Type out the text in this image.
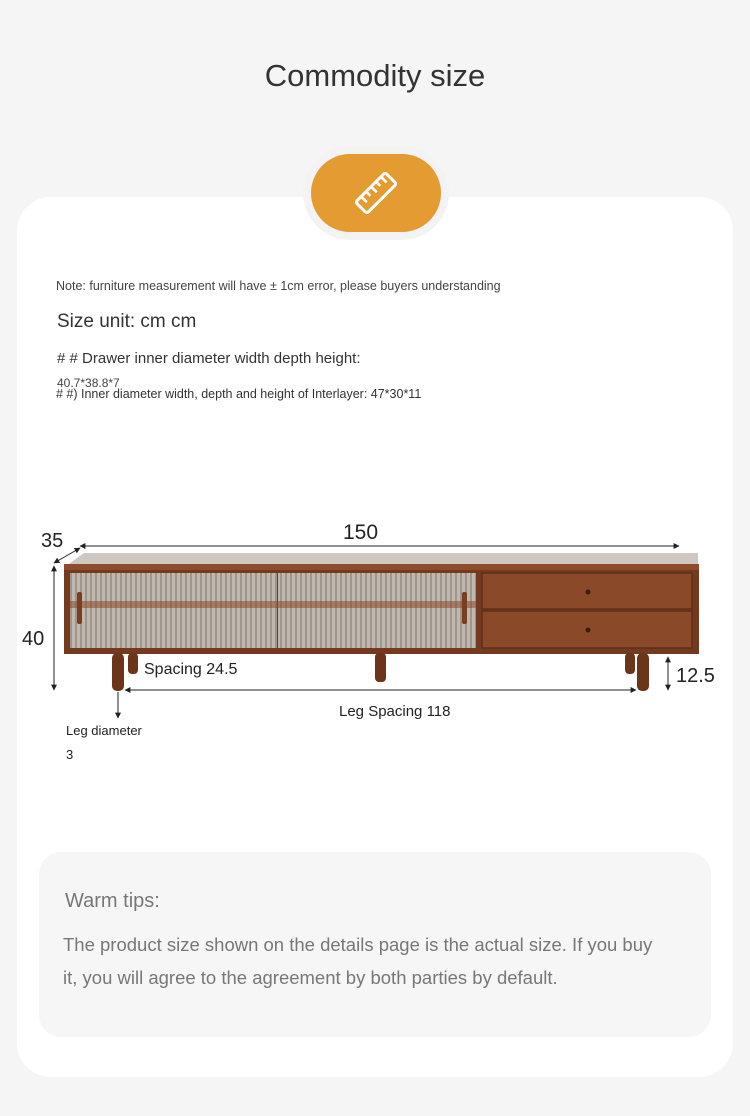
Commodity size
Note: furniture measurement will have ± 1cm error, please buyers understanding
Size unit: cm cm
# # Drawer inner diameter width depth height:
40.7*38.8*7
# #) Inner diameter width, depth and height of Interlayer: 47*30*11
150
35
40
12.5
Spacing 24.5
Leg Spacing 118
Leg diameter
3
Warm tips:
The product size shown on the details page is the actual size. If you buy it, you will agree to the agreement by both parties by default.
